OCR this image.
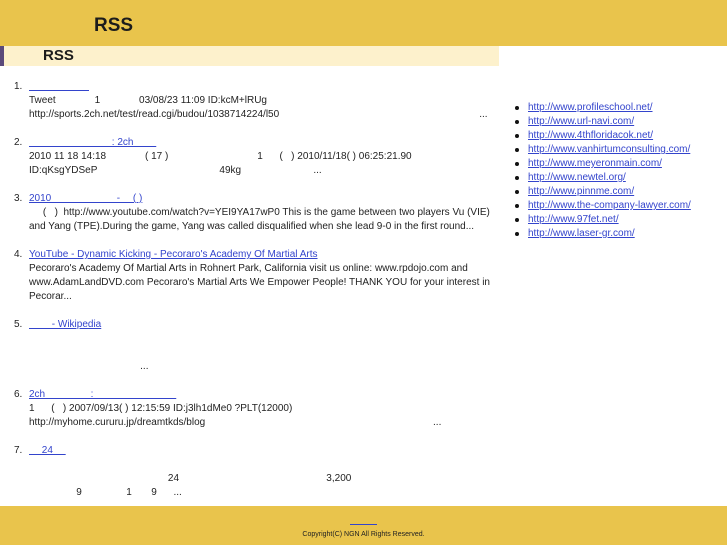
RSS
RSS
1.

Tweet              1              03/08/23 11:09 ID:kcM+lRUg
http://sports.2ch.net/test/read.cgi/budou/1038714224/l50                                                                        ...
2. 　　　　　　　　 : 2ch 　　
2010 11 18 14:18              ( 17 )                                1      (   ) 2010/11/18( ) 06:25:21.90
ID:qKsgYDSeP                                            49kg                          ...
3. 2010 　　　　　　 - 　( )
(   )  http://www.youtube.com/watch?v=YEI9YA17wP0 This is the game between two players Vu (VIE) and Yang (TPE).During the game, Yang was called disqualified when she lead 9-0 in the first round...
4. YouTube - Dynamic Kicking - Pecoraro's Academy Of Martial Arts
Pecoraro's Academy Of Martial Arts in Rohnert Park, California visit us online: www.rpdojo.com and www.AdamLandDVD.com Pecoraro's Martial Arts We Empower People! THANK YOU for your interest in Pecorar...
5. 　　 - Wikipedia

...
6. 2ch 　　　　 : 　　　　　　　　
1      (   ) 2007/09/13( ) 12:15:59 ID:j3lh1dMe0 ?PLT(12000)
http://myhome.cururu.jp/dreamtkds/blog                                                                                  ...
7. 　 24 　

24                                                     3,200
9                1       9      ...
http://www.profileschool.net/
http://www.url-navi.com/
http://www.4thfloridacok.net/
http://www.vanhirtumconsulting.com/
http://www.meyeronmain.com/
http://www.newtel.org/
http://www.pinnme.com/
http://www.the-company-lawyer.com/
http://www.97fet.net/
http://www.laser-gr.com/
Copyright(C) NGN All Rights Reserved.
